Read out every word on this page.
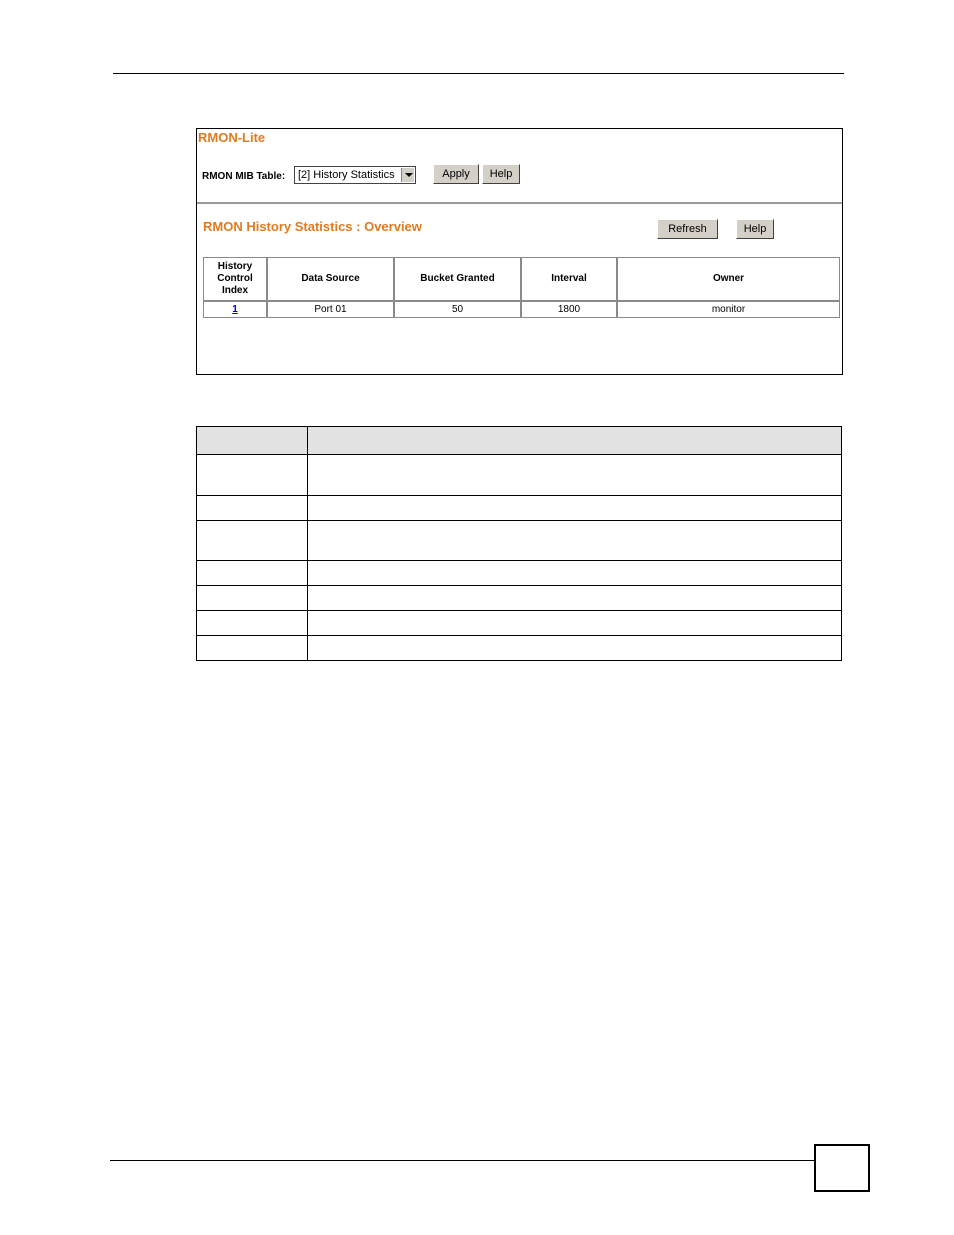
RMON-Lite
RMON MIB Table:	[2] History Statistics	Apply	Help
RMON History Statistics : Overview	Refresh	Help
History Control Index	Data Source	Bucket Granted	Interval	Owner
1	Port 01	50	1800	monitor
